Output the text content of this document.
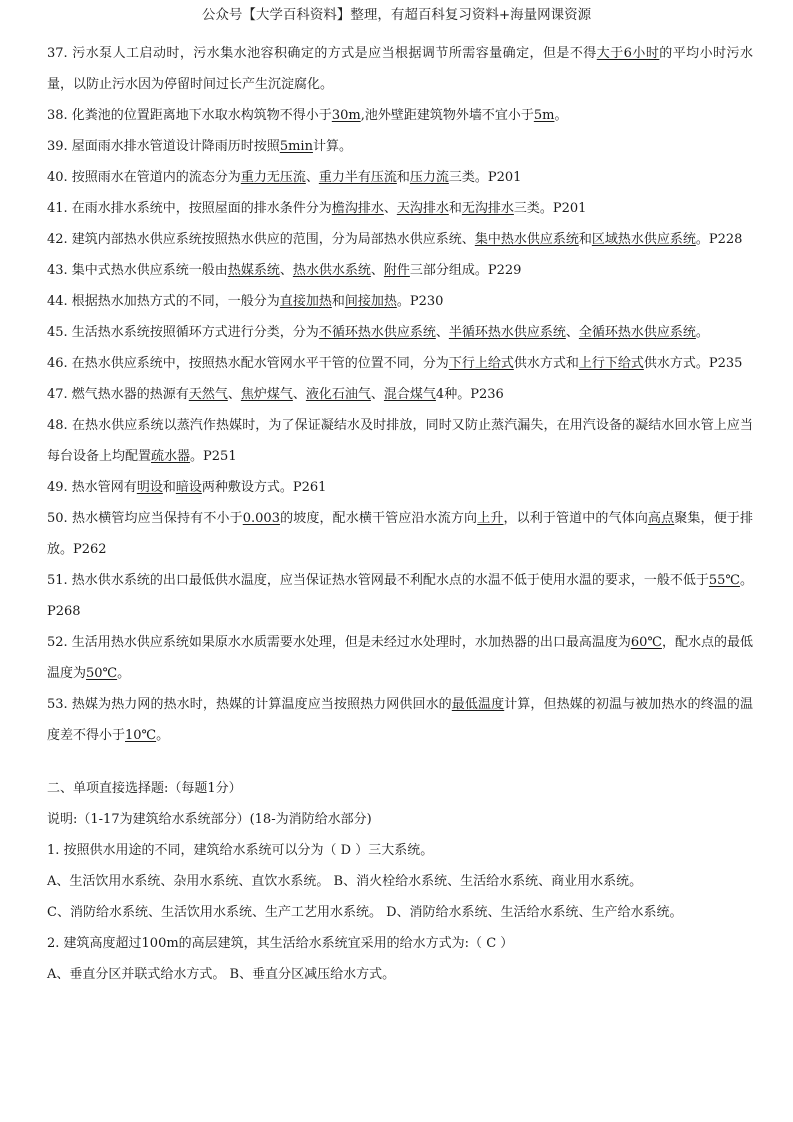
公众号【大学百科资料】整理，有超百科复习资料+海量网课资源

37. 污水泵人工启动时，污水集水池容积确定的方式是应当根据调节所需容量确定，但是不得大于6小时的平均小时污水量，以防止污水因为停留时间过长产生沉淀腐化。

38. 化粪池的位置距离地下水取水构筑物不得小于30m,池外壁距建筑物外墙不宜小于5m。

39. 屋面雨水排水管道设计降雨历时按照5min计算。

40. 按照雨水在管道内的流态分为重力无压流、重力半有压流和压力流三类。P201

41. 在雨水排水系统中，按照屋面的排水条件分为檐沟排水、天沟排水和无沟排水三类。P201

42. 建筑内部热水供应系统按照热水供应的范围，分为局部热水供应系统、集中热水供应系统和区域热水供应系统。P228

43. 集中式热水供应系统一般由热媒系统、热水供水系统、附件三部分组成。P229

44. 根据热水加热方式的不同，一般分为直接加热和间接加热。P230

45. 生活热水系统按照循环方式进行分类，分为不循环热水供应系统、半循环热水供应系统、全循环热水供应系统。

46. 在热水供应系统中，按照热水配水管网水平干管的位置不同，分为下行上给式供水方式和上行下给式供水方式。P235

47. 燃气热水器的热源有天然气、焦炉煤气、液化石油气、混合煤气4种。P236

48. 在热水供应系统以蒸汽作热媒时，为了保证凝结水及时排放，同时又防止蒸汽漏失，在用汽设备的凝结水回水管上应当每台设备上均配置疏水器。P251

49. 热水管网有明设和暗设两种敷设方式。P261

50. 热水横管均应当保持有不小于0.003的坡度，配水横干管应沿水流方向上升，以利于管道中的气体向高点聚集，便于排放。P262

51. 热水供水系统的出口最低供水温度，应当保证热水管网最不利配水点的水温不低于使用水温的要求，一般不低于55℃。P268

52. 生活用热水供应系统如果原水水质需要水处理，但是未经过水处理时，水加热器的出口最高温度为60℃，配水点的最低温度为50℃。

53. 热媒为热力网的热水时，热媒的计算温度应当按照热力网供回水的最低温度计算，但热媒的初温与被加热水的终温的温度差不得小于10℃。

二、单项直接选择题:（每题1分）

说明:（1-17为建筑给水系统部分）(18-为消防给水部分)

1. 按照供水用途的不同，建筑给水系统可以分为（ D ）三大系统。

A、生活饮用水系统、杂用水系统、直饮水系统。 B、消火栓给水系统、生活给水系统、商业用水系统。

C、消防给水系统、生活饮用水系统、生产工艺用水系统。 D、消防给水系统、生活给水系统、生产给水系统。

2. 建筑高度超过100m的高层建筑，其生活给水系统宜采用的给水方式为:（ C ）

A、垂直分区并联式给水方式。 B、垂直分区减压给水方式。
